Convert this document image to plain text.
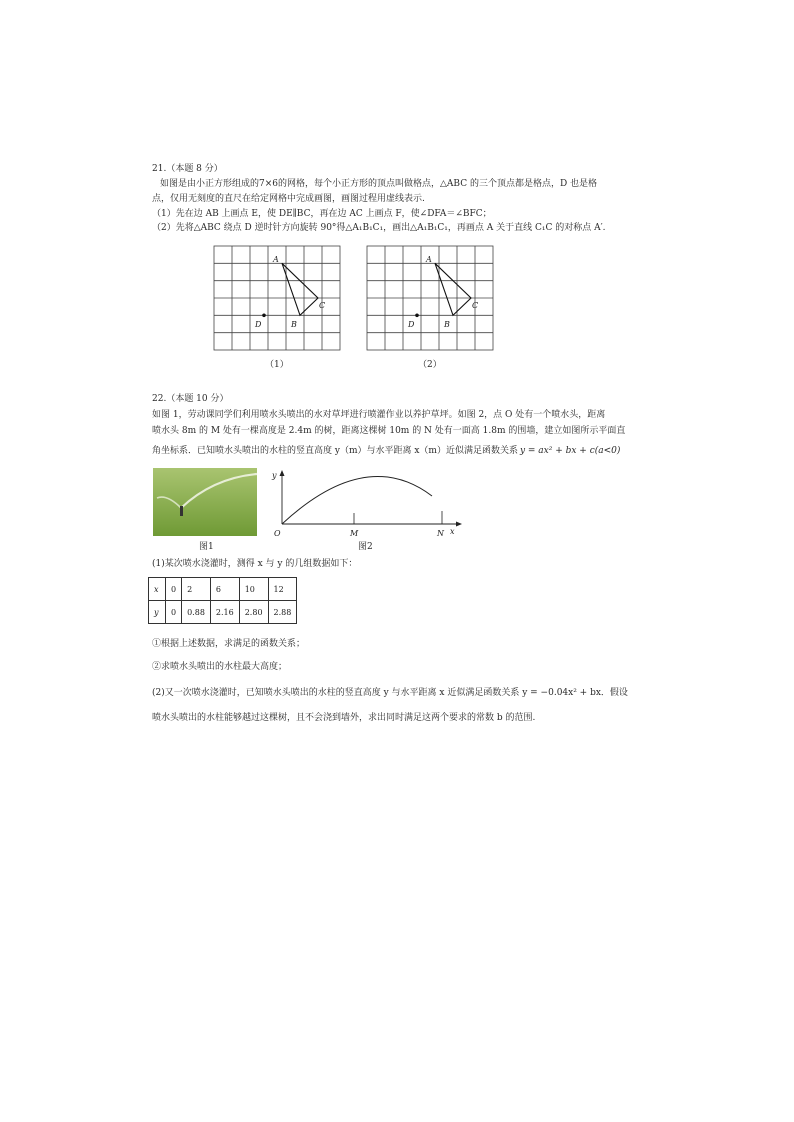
21.（本题 8 分）
如图是由小正方形组成的7×6的网格，每个小正方形的顶点叫做格点，△ABC 的三个顶点都是格点，D 也是格
点，仅用无刻度的直尺在给定网格中完成画图，画图过程用虚线表示.
（1）先在边 AB 上画点 E，使 DE∥BC，再在边 AC 上画点 F，使∠DFA＝∠BFC；
（2）先将△ABC 绕点 D 逆时针方向旋转 90°得△A₁B₁C₁，画出△A₁B₁C₁，再画点 A 关于直线 C₁C 的对称点 A′.
A
B
C
D
（1）
A
B
C
D
（2）
22.（本题 10 分）
如图 1，劳动课同学们利用喷水头喷出的水对草坪进行喷灌作业以养护草坪。如图 2，点 O 处有一个喷水头，距离
喷水头 8m 的 M 处有一棵高度是 2.4m 的树，距离这棵树 10m 的 N 处有一面高 1.8m 的围墙，建立如图所示平面直
角坐标系．已知喷水头喷出的水柱的竖直高度 y（m）与水平距离 x（m）近似满足函数关系 y = ax² + bx + c(a<0)
图1
y
x
O	M	N
图2
(1)某次喷水浇灌时，测得 x 与 y 的几组数据如下：
x	0	2	6	10	12
y	0	0.88	2.16	2.80	2.88
①根据上述数据，求满足的函数关系；
②求喷水头喷出的水柱最大高度；
(2)又一次喷水浇灌时，已知喷水头喷出的水柱的竖直高度 y 与水平距离 x 近似满足函数关系 y = −0.04x² + bx．假设
喷水头喷出的水柱能够越过这棵树，且不会浇到墙外，求出同时满足这两个要求的常数 b 的范围.
